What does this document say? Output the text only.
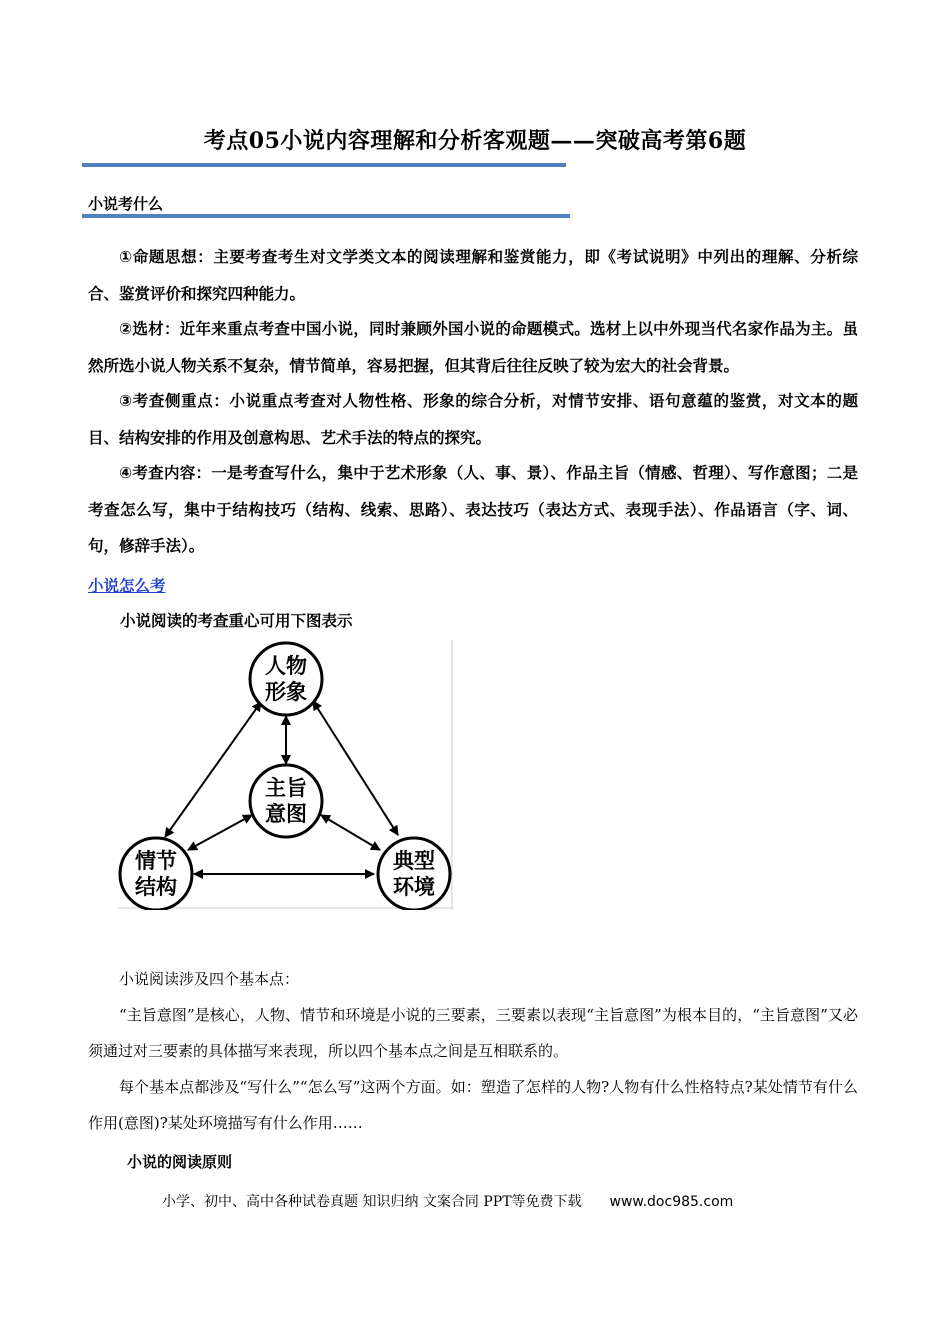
考点05小说内容理解和分析客观题——突破高考第6题
小说考什么
①命题思想：主要考查考生对文学类文本的阅读理解和鉴赏能力，即《考试说明》中列出的理解、分析综合、鉴赏评价和探究四种能力。
②选材：近年来重点考查中国小说，同时兼顾外国小说的命题模式。选材上以中外现当代名家作品为主。虽然所选小说人物关系不复杂，情节简单，容易把握，但其背后往往反映了较为宏大的社会背景。
③考查侧重点：小说重点考查对人物性格、形象的综合分析，对情节安排、语句意蕴的鉴赏，对文本的题目、结构安排的作用及创意构思、艺术手法的特点的探究。
④考查内容：一是考查写什么，集中于艺术形象（人、事、景）、作品主旨（情感、哲理）、写作意图；二是考查怎么写，集中于结构技巧（结构、线索、思路）、表达技巧（表达方式、表现手法）、作品语言（字、词、句，修辞手法）。
小说怎么考
小说阅读的考查重心可用下图表示
人物
形象
主旨
意图
情节
结构
典型
环境
小说阅读涉及四个基本点：
“主旨意图”是核心，人物、情节和环境是小说的三要素，三要素以表现“主旨意图”为根本目的，“主旨意图”又必须通过对三要素的具体描写来表现，所以四个基本点之间是互相联系的。
每个基本点都涉及“写什么”“怎么写”这两个方面。如：塑造了怎样的人物?人物有什么性格特点?某处情节有什么作用(意图)?某处环境描写有什么作用……
小说的阅读原则
小学、初中、高中各种试卷真题 知识归纳 文案合同 PPT等免费下载 www.doc985.com
